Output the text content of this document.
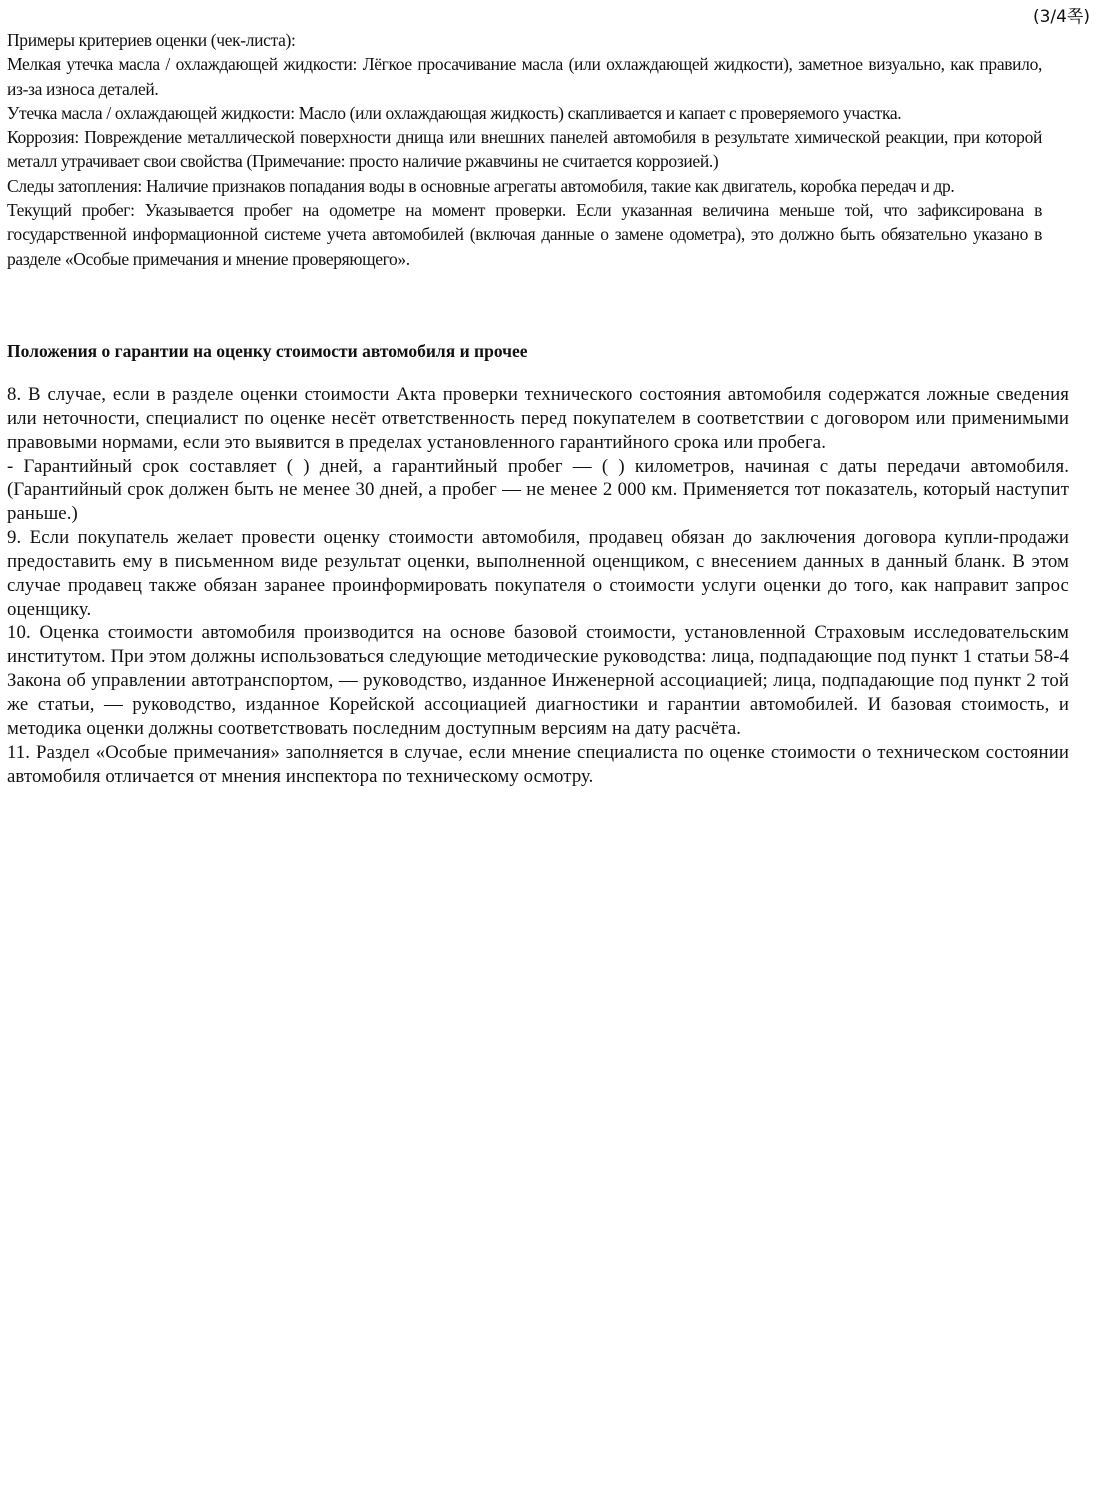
(3/4쪽)

Примеры критериев оценки (чек-листа):

Мелкая утечка масла / охлаждающей жидкости: Лёгкое просачивание масла (или охлаждающей жидкости), заметное визуально, как правило, из-за износа деталей.

Утечка масла / охлаждающей жидкости: Масло (или охлаждающая жидкость) скапливается и капает с проверяемого участка.

Коррозия: Повреждение металлической поверхности днища или внешних панелей автомобиля в результате химической реакции, при которой металл утрачивает свои свойства (Примечание: просто наличие ржавчины не считается коррозией.)

Следы затопления: Наличие признаков попадания воды в основные агрегаты автомобиля, такие как двигатель, коробка передач и др.

Текущий пробег: Указывается пробег на одометре на момент проверки. Если указанная величина меньше той, что зафиксирована в государственной информационной системе учета автомобилей (включая данные о замене одометра), это должно быть обязательно указано в разделе «Особые примечания и мнение проверяющего».

Положения о гарантии на оценку стоимости автомобиля и прочее

8. В случае, если в разделе оценки стоимости Акта проверки технического состояния автомобиля содержатся ложные сведения или неточности, специалист по оценке несёт ответственность перед покупателем в соответствии с договором или применимыми правовыми нормами, если это выявится в пределах установленного гарантийного срока или пробега.

- Гарантийный срок составляет ( ) дней, а гарантийный пробег — ( ) километров, начиная с даты передачи автомобиля. (Гарантийный срок должен быть не менее 30 дней, а пробег — не менее 2 000 км. Применяется тот показатель, который наступит раньше.)

9. Если покупатель желает провести оценку стоимости автомобиля, продавец обязан до заключения договора купли-продажи предоставить ему в письменном виде результат оценки, выполненной оценщиком, с внесением данных в данный бланк. В этом случае продавец также обязан заранее проинформировать покупателя о стоимости услуги оценки до того, как направит запрос оценщику.

10. Оценка стоимости автомобиля производится на основе базовой стоимости, установленной Страховым исследовательским институтом. При этом должны использоваться следующие методические руководства: лица, подпадающие под пункт 1 статьи 58-4 Закона об управлении автотранспортом, — руководство, изданное Инженерной ассоциацией; лица, подпадающие под пункт 2 той же статьи, — руководство, изданное Корейской ассоциацией диагностики и гарантии автомобилей. И базовая стоимость, и методика оценки должны соответствовать последним доступным версиям на дату расчёта.

11. Раздел «Особые примечания» заполняется в случае, если мнение специалиста по оценке стоимости о техническом состоянии автомобиля отличается от мнения инспектора по техническому осмотру.
